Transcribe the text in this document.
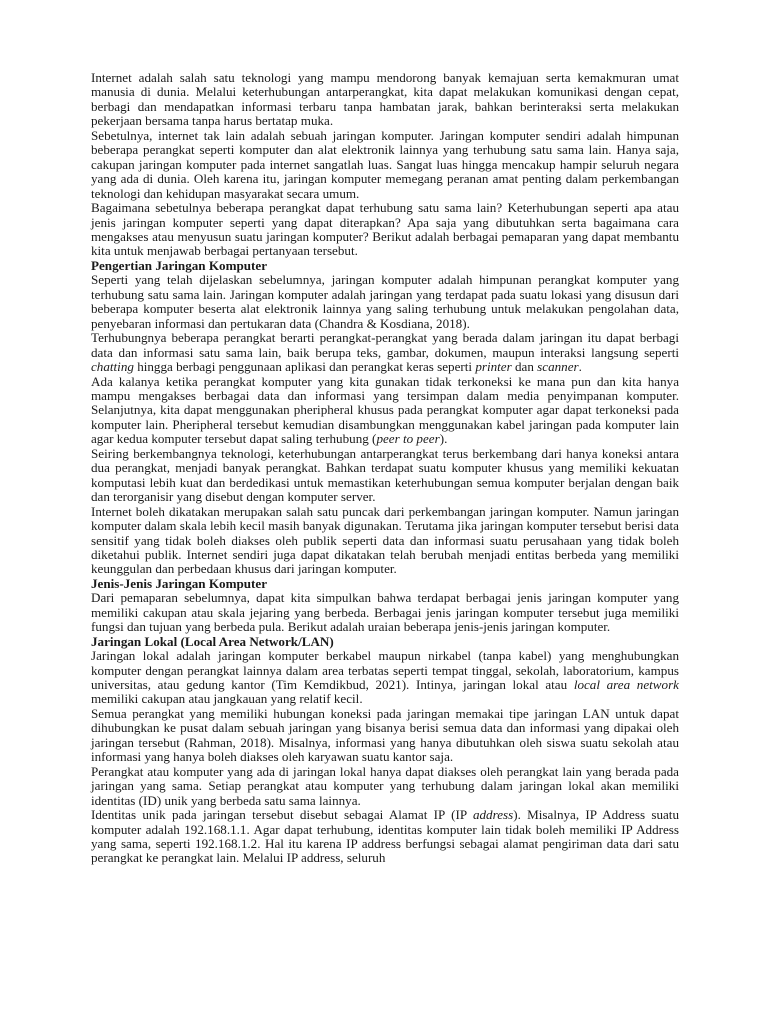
Internet adalah salah satu teknologi yang mampu mendorong banyak kemajuan serta kemakmuran umat manusia di dunia. Melalui keterhubungan antarperangkat, kita dapat melakukan komunikasi dengan cepat, berbagi dan mendapatkan informasi terbaru tanpa hambatan jarak, bahkan berinteraksi serta melakukan pekerjaan bersama tanpa harus bertatap muka.

Sebetulnya, internet tak lain adalah sebuah jaringan komputer. Jaringan komputer sendiri adalah himpunan beberapa perangkat seperti komputer dan alat elektronik lainnya yang terhubung satu sama lain. Hanya saja, cakupan jaringan komputer pada internet sangatlah luas. Sangat luas hingga mencakup hampir seluruh negara yang ada di dunia. Oleh karena itu, jaringan komputer memegang peranan amat penting dalam perkembangan teknologi dan kehidupan masyarakat secara umum.

Bagaimana sebetulnya beberapa perangkat dapat terhubung satu sama lain? Keterhubungan seperti apa atau jenis jaringan komputer seperti yang dapat diterapkan? Apa saja yang dibutuhkan serta bagaimana cara mengakses atau menyusun suatu jaringan komputer? Berikut adalah berbagai pemaparan yang dapat membantu kita untuk menjawab berbagai pertanyaan tersebut.

Pengertian Jaringan Komputer

Seperti yang telah dijelaskan sebelumnya, jaringan komputer adalah himpunan perangkat komputer yang terhubung satu sama lain. Jaringan komputer adalah jaringan yang terdapat pada suatu lokasi yang disusun dari beberapa komputer beserta alat elektronik lainnya yang saling terhubung untuk melakukan pengolahan data, penyebaran informasi dan pertukaran data (Chandra & Kosdiana, 2018).

Terhubungnya beberapa perangkat berarti perangkat-perangkat yang berada dalam jaringan itu dapat berbagi data dan informasi satu sama lain, baik berupa teks, gambar, dokumen, maupun interaksi langsung seperti chatting hingga berbagi penggunaan aplikasi dan perangkat keras seperti printer dan scanner.

Ada kalanya ketika perangkat komputer yang kita gunakan tidak terkoneksi ke mana pun dan kita hanya mampu mengakses berbagai data dan informasi yang tersimpan dalam media penyimpanan komputer. Selanjutnya, kita dapat menggunakan pheripheral khusus pada perangkat komputer agar dapat terkoneksi pada komputer lain. Pheripheral tersebut kemudian disambungkan menggunakan kabel jaringan pada komputer lain agar kedua komputer tersebut dapat saling terhubung (peer to peer).

Seiring berkembangnya teknologi, keterhubungan antarperangkat terus berkembang dari hanya koneksi antara dua perangkat, menjadi banyak perangkat. Bahkan terdapat suatu komputer khusus yang memiliki kekuatan komputasi lebih kuat dan berdedikasi untuk memastikan keterhubungan semua komputer berjalan dengan baik dan terorganisir yang disebut dengan komputer server.

Internet boleh dikatakan merupakan salah satu puncak dari perkembangan jaringan komputer. Namun jaringan komputer dalam skala lebih kecil masih banyak digunakan. Terutama jika jaringan komputer tersebut berisi data sensitif yang tidak boleh diakses oleh publik seperti data dan informasi suatu perusahaan yang tidak boleh diketahui publik. Internet sendiri juga dapat dikatakan telah berubah menjadi entitas berbeda yang memiliki keunggulan dan perbedaan khusus dari jaringan komputer.

Jenis-Jenis Jaringan Komputer

Dari pemaparan sebelumnya, dapat kita simpulkan bahwa terdapat berbagai jenis jaringan komputer yang memiliki cakupan atau skala jejaring yang berbeda. Berbagai jenis jaringan komputer tersebut juga memiliki fungsi dan tujuan yang berbeda pula. Berikut adalah uraian beberapa jenis-jenis jaringan komputer.

Jaringan Lokal (Local Area Network/LAN)

Jaringan lokal adalah jaringan komputer berkabel maupun nirkabel (tanpa kabel) yang menghubungkan komputer dengan perangkat lainnya dalam area terbatas seperti tempat tinggal, sekolah, laboratorium, kampus universitas, atau gedung kantor (Tim Kemdikbud, 2021). Intinya, jaringan lokal atau local area network memiliki cakupan atau jangkauan yang relatif kecil.

Semua perangkat yang memiliki hubungan koneksi pada jaringan memakai tipe jaringan LAN untuk dapat dihubungkan ke pusat dalam sebuah jaringan yang bisanya berisi semua data dan informasi yang dipakai oleh jaringan tersebut (Rahman, 2018). Misalnya, informasi yang hanya dibutuhkan oleh siswa suatu sekolah atau informasi yang hanya boleh diakses oleh karyawan suatu kantor saja.

Perangkat atau komputer yang ada di jaringan lokal hanya dapat diakses oleh perangkat lain yang berada pada jaringan yang sama. Setiap perangkat atau komputer yang terhubung dalam jaringan lokal akan memiliki identitas (ID) unik yang berbeda satu sama lainnya.

Identitas unik pada jaringan tersebut disebut sebagai Alamat IP (IP address). Misalnya, IP Address suatu komputer adalah 192.168.1.1. Agar dapat terhubung, identitas komputer lain tidak boleh memiliki IP Address yang sama, seperti 192.168.1.2. Hal itu karena IP address berfungsi sebagai alamat pengiriman data dari satu perangkat ke perangkat lain. Melalui IP address, seluruh
